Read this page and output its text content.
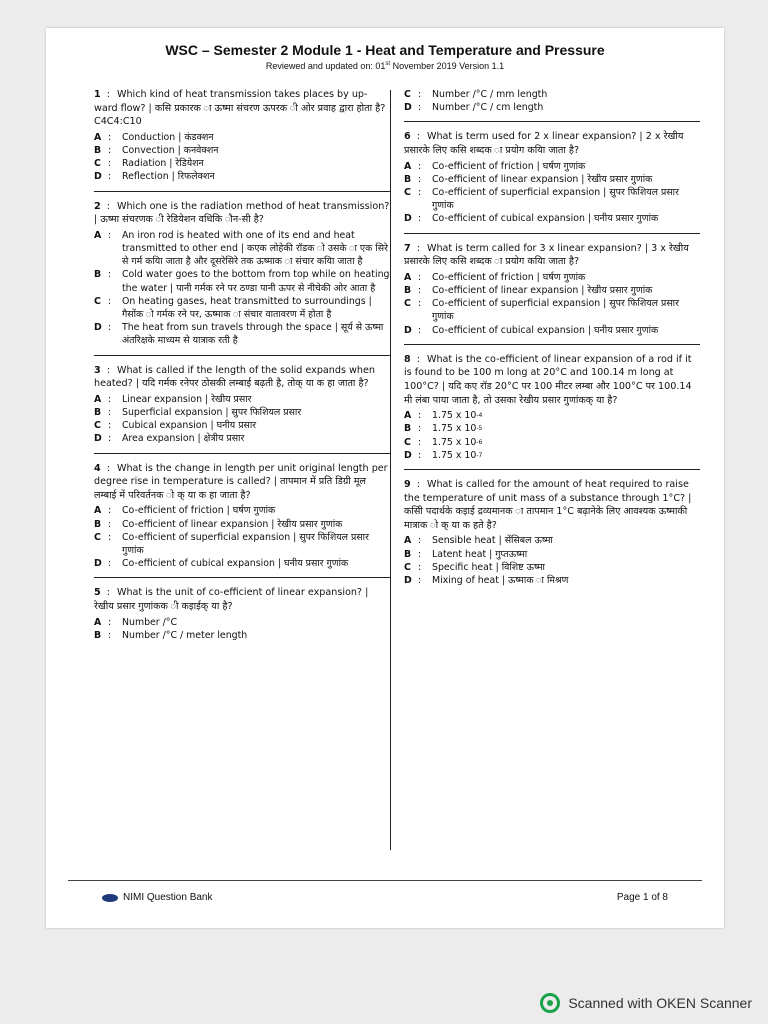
WSC – Semester 2 Module 1 - Heat and Temperature and Pressure
Reviewed and updated on: 01st November 2019 Version 1.1
1 : Which kind of heat transmission takes places by up-ward flow? | कसि प्रकारक ा ऊष्मा संचरण ऊपरक ी ओर प्रवाह द्वारा होता है?C4C4:C10
A :	Conduction | कंडक्शन
B :	Convection | कनवेक्शन
C :	Radiation | रेडियेशन
D :	Reflection | रिफलेक्शन
2 : Which one is the radiation method of heat transmission? | ऊष्मा संचरणक ी रेडियेशन वधिकि ौन-सी है?
A :	An iron rod is heated with one of its end and heat transmitted to other end | कएक लोहेकी रॉडक ो उसके ा एक सिरे से गर्म कयिा जाता है और दूसरेसिरे तक ऊष्माक ा संचार कयिा जाता है
B :	Cold water goes to the bottom from top while on heating the water | पानी गर्मक रने पर ठण्डा पानी ऊपर से नीचेकी ओर आता है
C :	On heating gases, heat transmitted to surroundings | गैसोंक ो गर्मक रने पर, ऊष्माक ा संचार वातावरण में होता है
D :	The heat from sun travels through the space | सूर्य से ऊष्मा अंतरिक्षके माध्यम से यात्राक रती है
3 : What is called if the length of the solid expands when heated? | यदि गर्मक रनेपर ठोसकी लम्बाई बढ़ती है, तोक् या क हा जाता है?
A :	Linear expansion | रेखीय प्रसार
B :	Superficial expansion | सुपर फिशियल प्रसार
C :	Cubical expansion | घनीय प्रसार
D :	Area expansion | क्षेत्रीय प्रसार
4 : What is the change in length per unit original length per degree rise in temperature is called? | तापमान में प्रति डिग्री मूल लम्बाई में परिवर्तनक ो क् या क हा जाता है?
A :	Co-efficient of friction | घर्षण गुणांक
B :	Co-efficient of linear expansion | रेखीय प्रसार गुणांक
C :	Co-efficient of superficial expansion | सुपर फिशियल प्रसार गुणांक
D :	Co-efficient of cubical expansion | घनीय प्रसार गुणांक
5 : What is the unit of co-efficient of linear expansion? | रेखीय प्रसार गुणांकक ी कइाईक् या है?
A :	Number /°C
B :	Number /°C / meter length
C :	Number /°C / mm length
D :	Number /°C / cm length
6 : What is term used for 2 x linear expansion? | 2 x रेखीय प्रसारके लिए कसि शब्दक ा प्रयोग कयिा जाता है?
A :	Co-efficient of friction | घर्षण गुणांक
B :	Co-efficient of linear expansion | रेखीय प्रसार गुणांक
C :	Co-efficient of superficial expansion | सुपर फिशियल प्रसार गुणांक
D :	Co-efficient of cubical expansion | घनीय प्रसार गुणांक
7 : What is term called for 3 x linear expansion? | 3 x रेखीय प्रसारके लिए कसि शब्दक ा प्रयोग कयिा जाता है?
A :	Co-efficient of friction | घर्षण गुणांक
B :	Co-efficient of linear expansion | रेखीय प्रसार गुणांक
C :	Co-efficient of superficial expansion | सुपर फिशियल प्रसार गुणांक
D :	Co-efficient of cubical expansion | घनीय प्रसार गुणांक
8 : What is the co-efficient of linear expansion of a rod if it is found to be 100 m long at 20°C and 100.14 m long at 100°C? | यदि कए रॉड 20°C पर 100 मीटर लम्बा और 100°C पर 100.14 मी लंबा पाया जाता है, तो उसका रेखीय प्रसार गुणांकक् या है?
A :	1.75 x $10^{-4}$
B :	1.75 x $10^{-5}$
C :	1.75 x $10^{-6}$
D :	1.75 x $10^{-7}$
9 : What is called for the amount of heat required to raise the temperature of unit mass of a substance through 1°C? | कसिी पदार्थके कइाई द्रव्यमानक ा तापमान 1°C बढ़ानेके लिए आवश्यक ऊष्माकी मात्राक ो क् या क हते है?
A :	Sensible heat | सेंसिबल ऊष्मा
B :	Latent heat | गुप्तऊष्मा
C :	Specific heat | विशिष्ट ऊष्मा
D :	Mixing of heat | ऊष्माक ा मिश्रण
NIMI Question Bank	Page 1 of 8
Scanned with OKEN Scanner
